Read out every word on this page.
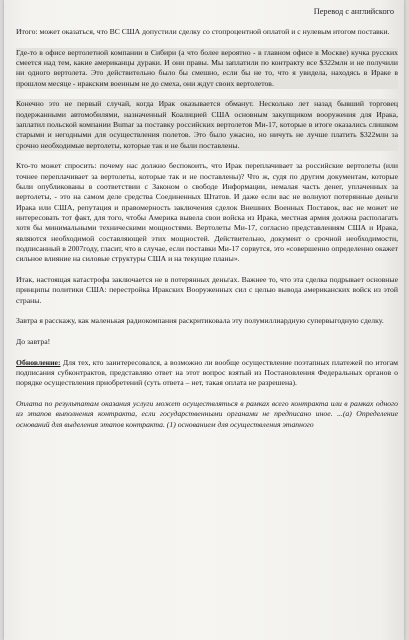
Перевод с английского

Итого: может оказаться, что ВС США допустили сделку со стопроцентной оплатой и с нулевым итогом поставки.

Где-то в офисе вертолетной компании в Сибири (а что более вероятно - в главном офисе в Москве) кучка русских смеется над тем, какие американцы дураки. И они правы. Мы заплатили по контракту все $322млн и не получили ни одного вертолета. Это действительно было бы смешно, если бы не то, что я увидела, находясь в Ираке в прошлом месяце - иракским военным не до смеха, они ждут своих вертолетов.

Конечно это не первый случай, когда Ирак оказывается обманут. Несколько лет назад бывший торговец подержанными автомобилями, назначенный Коалицией США основным закупщиком вооружения для Ирака, заплатил польской компании Bumar за поставку российских вертолетов Ми-17, которые в итоге оказались слишком старыми и негодными для осуществления полетов. Это было ужасно, но ничуть не лучше платить $322млн за срочно необходимые вертолеты, которые так и не были поставлены.

Кто-то может спросить: почему нас должно беспокоить, что Ирак переплачивает за российские вертолеты (или точнее переплачивает за вертолеты, которые так и не поставлены)? Что ж, судя по другим документам, которые были опубликованы в соответствии с Законом о свободе Информации, немалая часть денег, уплаченных за вертолеты, - это на самом деле средства Соединенных Штатов. И даже если вас не волнуют потерянные деньги Ирака или США, репутация и правомерность заключения сделок Внешних Военных Поставок, вас не может не интересовать тот факт, для того, чтобы Америка вывела свои войска из Ирака, местная армия должна располагать хотя бы минимальными техническими мощностями. Вертолеты Ми-17, согласно представлениям США и Ирака, являются необходимой составляющей этих мощностей. Действительно, документ о срочной необходимости, подписанный в 2007году, гласит, что в случае, если поставки Ми-17 сорвутся, это «совершенно определенно окажет сильное влияние на силовые структуры США и на текущие планы».

Итак, настоящая катастрофа заключается не в потерянных деньгах. Важнее то, что эта сделка подрывает основные принципы политики США: перестройка Иракских Вооруженных сил с целью вывода американских войск из этой страны.

Завтра я расскажу, как маленькая радиокомпания раскритиковала эту полумиллиардную супервыгодную сделку.

До завтра!

Обновление: Для тех, кто заинтересовался, а возможно ли вообще осуществление поэтапных платежей по итогам подписания субконтрактов, представляю ответ на этот вопрос взятый из Постановления Федеральных органов о порядке осуществления приобретений (суть ответа – нет, такая оплата не разрешена).

Оплата по результатам оказания услуги может осуществляться в рамках всего контракта или в рамках одного из этапов выполнения контракта, если государственными органами не предписано иное. ...(a) Определение оснований для выделения этапов контракта. (1) основанием для осуществления этапного
